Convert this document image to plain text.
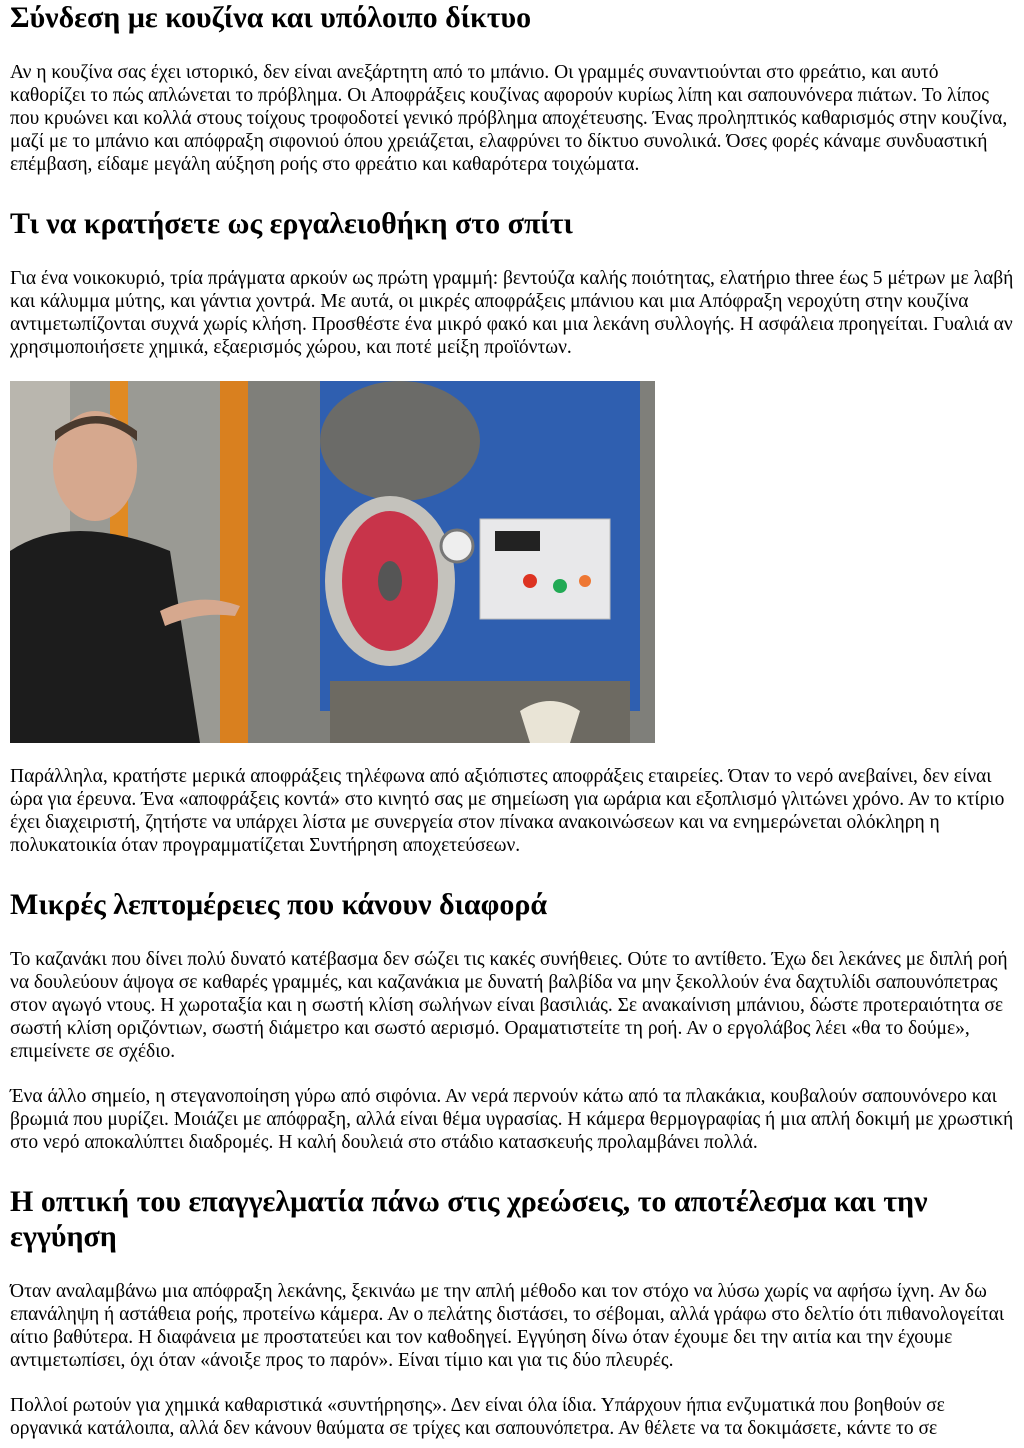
Σύνδεση με κουζίνα και υπόλοιπο δίκτυο

Αν η κουζίνα σας έχει ιστορικό, δεν είναι ανεξάρτητη από το μπάνιο. Οι γραμμές συναντιούνται στο φρεάτιο, και αυτό καθορίζει το πώς απλώνεται το πρόβλημα. Οι Αποφράξεις κουζίνας αφορούν κυρίως λίπη και σαπουνόνερα πιάτων. Το λίπος που κρυώνει και κολλά στους τοίχους τροφοδοτεί γενικό πρόβλημα αποχέτευσης. Ένας προληπτικός καθαρισμός στην κουζίνα, μαζί με το μπάνιο και απόφραξη σιφονιού όπου χρειάζεται, ελαφρύνει το δίκτυο συνολικά. Όσες φορές κάναμε συνδυαστική επέμβαση, είδαμε μεγάλη αύξηση ροής στο φρεάτιο και καθαρότερα τοιχώματα.

Τι να κρατήσετε ως εργαλειοθήκη στο σπίτι

Για ένα νοικοκυριό, τρία πράγματα αρκούν ως πρώτη γραμμή: βεντούζα καλής ποιότητας, ελατήριο three έως 5 μέτρων με λαβή και κάλυμμα μύτης, και γάντια χοντρά. Με αυτά, οι μικρές αποφράξεις μπάνιου και μια Απόφραξη νεροχύτη στην κουζίνα αντιμετωπίζονται συχνά χωρίς κλήση. Προσθέστε ένα μικρό φακό και μια λεκάνη συλλογής. Η ασφάλεια προηγείται. Γυαλιά αν χρησιμοποιήσετε χημικά, εξαερισμός χώρου, και ποτέ μείξη προϊόντων.

Παράλληλα, κρατήστε μερικά αποφράξεις τηλέφωνα από αξιόπιστες αποφράξεις εταιρείες. Όταν το νερό ανεβαίνει, δεν είναι ώρα για έρευνα. Ένα «αποφράξεις κοντά» στο κινητό σας με σημείωση για ωράρια και εξοπλισμό γλιτώνει χρόνο. Αν το κτίριο έχει διαχειριστή, ζητήστε να υπάρχει λίστα με συνεργεία στον πίνακα ανακοινώσεων και να ενημερώνεται ολόκληρη η πολυκατοικία όταν προγραμματίζεται Συντήρηση αποχετεύσεων.

Μικρές λεπτομέρειες που κάνουν διαφορά

Το καζανάκι που δίνει πολύ δυνατό κατέβασμα δεν σώζει τις κακές συνήθειες. Ούτε το αντίθετο. Έχω δει λεκάνες με διπλή ροή να δουλεύουν άψογα σε καθαρές γραμμές, και καζανάκια με δυνατή βαλβίδα να μην ξεκολλούν ένα δαχτυλίδι σαπουνόπετρας στον αγωγό ντους. Η χωροταξία και η σωστή κλίση σωλήνων είναι βασιλιάς. Σε ανακαίνιση μπάνιου, δώστε προτεραιότητα σε σωστή κλίση οριζόντιων, σωστή διάμετρο και σωστό αερισμό. Οραματιστείτε τη ροή. Αν ο εργολάβος λέει «θα το δούμε», επιμείνετε σε σχέδιο.

Ένα άλλο σημείο, η στεγανοποίηση γύρω από σιφόνια. Αν νερά περνούν κάτω από τα πλακάκια, κουβαλούν σαπουνόνερο και βρωμιά που μυρίζει. Μοιάζει με απόφραξη, αλλά είναι θέμα υγρασίας. Η κάμερα θερμογραφίας ή μια απλή δοκιμή με χρωστική στο νερό αποκαλύπτει διαδρομές. Η καλή δουλειά στο στάδιο κατασκευής προλαμβάνει πολλά.

Η οπτική του επαγγελματία πάνω στις χρεώσεις, το αποτέλεσμα και την εγγύηση

Όταν αναλαμβάνω μια απόφραξη λεκάνης, ξεκινάω με την απλή μέθοδο και τον στόχο να λύσω χωρίς να αφήσω ίχνη. Αν δω επανάληψη ή αστάθεια ροής, προτείνω κάμερα. Αν ο πελάτης διστάσει, το σέβομαι, αλλά γράφω στο δελτίο ότι πιθανολογείται αίτιο βαθύτερα. Η διαφάνεια με προστατεύει και τον καθοδηγεί. Εγγύηση δίνω όταν έχουμε δει την αιτία και την έχουμε αντιμετωπίσει, όχι όταν «άνοιξε προς το παρόν». Είναι τίμιο και για τις δύο πλευρές.

Πολλοί ρωτούν για χημικά καθαριστικά «συντήρησης». Δεν είναι όλα ίδια. Υπάρχουν ήπια ενζυματικά που βοηθούν σε οργανικά κατάλοιπα, αλλά δεν κάνουν θαύματα σε τρίχες και σαπουνόπετρα. Αν θέλετε να τα δοκιμάσετε, κάντε το σε
